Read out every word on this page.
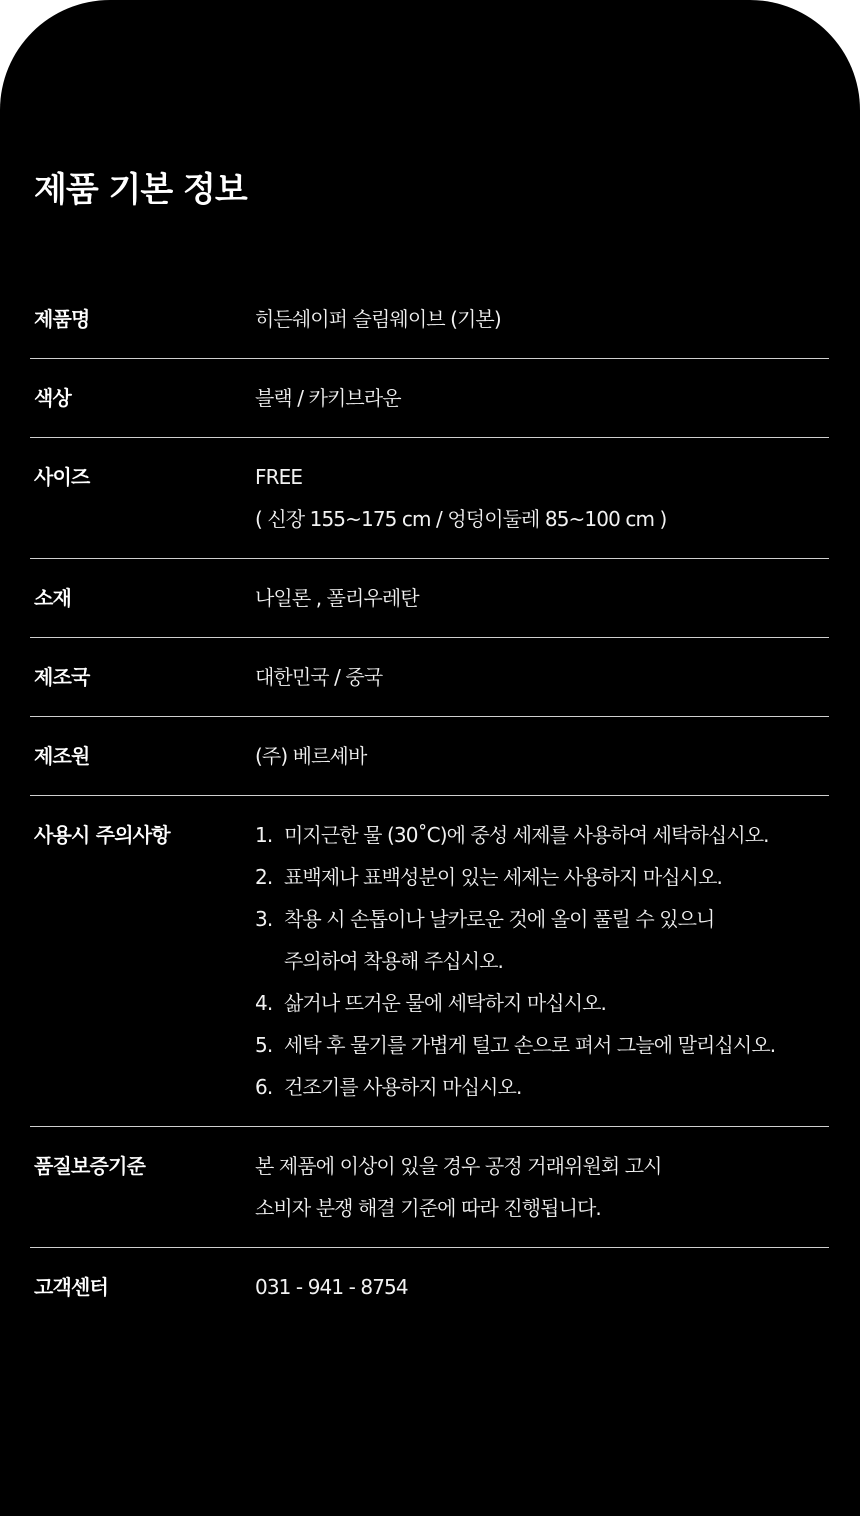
제품 기본 정보
제품명	히든쉐이퍼 슬림웨이브 (기본)
색상	블랙 / 카키브라운
사이즈	FREE
( 신장 155~175 cm / 엉덩이둘레 85~100 cm )
소재	나일론 , 폴리우레탄
제조국	대한민국 / 중국
제조원	(주) 베르셰바
사용시 주의사항	1. 미지근한 물 (30˚C)에 중성 세제를 사용하여 세탁하십시오.
2. 표백제나 표백성분이 있는 세제는 사용하지 마십시오.
3. 착용 시 손톱이나 날카로운 것에 올이 풀릴 수 있으니
주의하여 착용해 주십시오.
4. 삶거나 뜨거운 물에 세탁하지 마십시오.
5. 세탁 후 물기를 가볍게 털고 손으로 펴서 그늘에 말리십시오.
6. 건조기를 사용하지 마십시오.
품질보증기준	본 제품에 이상이 있을 경우 공정 거래위원회 고시
소비자 분쟁 해결 기준에 따라 진행됩니다.
고객센터	031 - 941 - 8754
